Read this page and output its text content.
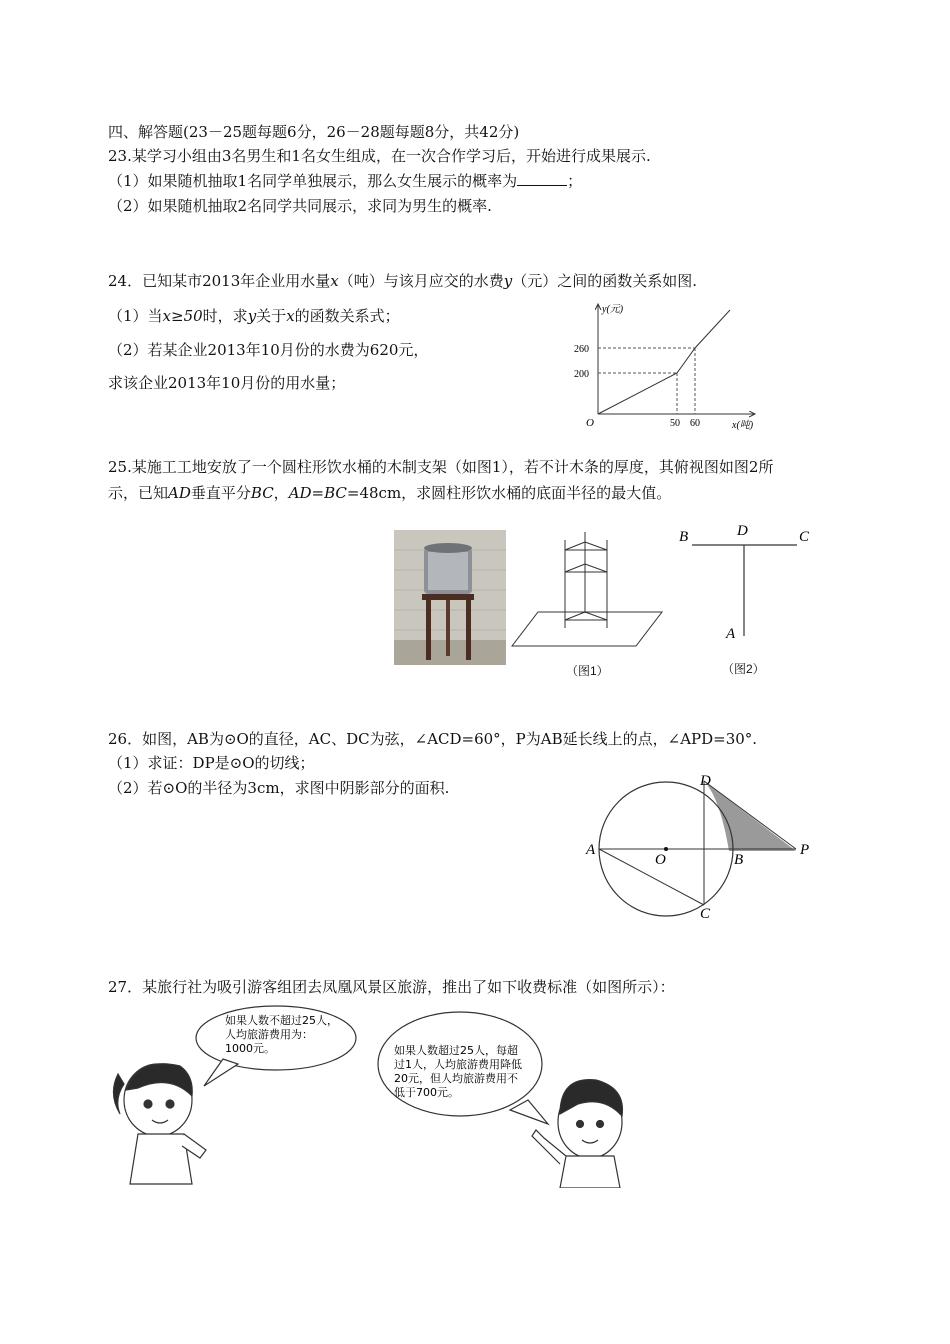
四、解答题(23－25题每题6分，26－28题每题8分，共42分)
23.某学习小组由3名男生和1名女生组成，在一次合作学习后，开始进行成果展示.
（1）如果随机抽取1名同学单独展示，那么女生展示的概率为	；
（2）如果随机抽取2名同学共同展示，求同为男生的概率.
24．已知某市2013年企业用水量x（吨）与该月应交的水费y（元）之间的函数关系如图.
（1）当x≥50时，求y关于x的函数关系式；
（2）若某企业2013年10月份的水费为620元，
求该企业2013年10月份的用水量；
y(元)
x(吨)
O
260
200
50 60
25.某施工工地安放了一个圆柱形饮水桶的木制支架（如图1），若不计木条的厚度，其俯视图如图2所
示，已知AD垂直平分BC，AD=BC=48cm，求圆柱形饮水桶的底面半径的最大值。
（图1）
B	D	C
A
（图2）
26．如图，AB为⊙O的直径，AC、DC为弦，∠ACD=60°，P为AB延长线上的点，∠APD=30°.
（1）求证：DP是⊙O的切线；
（2）若⊙O的半径为3cm，求图中阴影部分的面积.	D
A
O	B
P
C
27．某旅行社为吸引游客组团去凤凰风景区旅游，推出了如下收费标准（如图所示）：
如果人数不超过25人，
人均旅游费用为：
1000元。	如果人数超过25人，每超
过1人，人均旅游费用降低
20元，但人均旅游费用不
低于700元。
